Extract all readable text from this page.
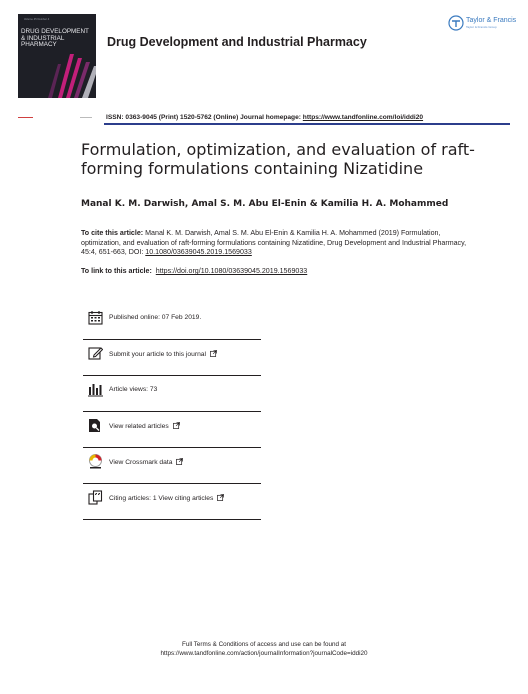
Volume 45 Number 4
DRUG DEVELOPMENT
& INDUSTRIAL
PHARMACY	Drug Development and Industrial Pharmacy
Taylor & Francis
Taylor & Francis Group
ISSN: 0363-9045 (Print) 1520-5762 (Online) Journal homepage: https://www.tandfonline.com/loi/iddi20
Formulation, optimization, and evaluation of raft-forming formulations containing Nizatidine
Manal K. M. Darwish, Amal S. M. Abu El-Enin & Kamilia H. A. Mohammed
To cite this article: Manal K. M. Darwish, Amal S. M. Abu El-Enin & Kamilia H. A. Mohammed (2019) Formulation, optimization, and evaluation of raft-forming formulations containing Nizatidine, Drug Development and Industrial Pharmacy, 45:4, 651-663, DOI: 10.1080/03639045.2019.1569033
To link to this article: https://doi.org/10.1080/03639045.2019.1569033
Published online: 07 Feb 2019.
Submit your article to this journal
Article views: 73
View related articles
View Crossmark data
Citing articles: 1 View citing articles
Full Terms & Conditions of access and use can be found at
https://www.tandfonline.com/action/journalInformation?journalCode=iddi20
